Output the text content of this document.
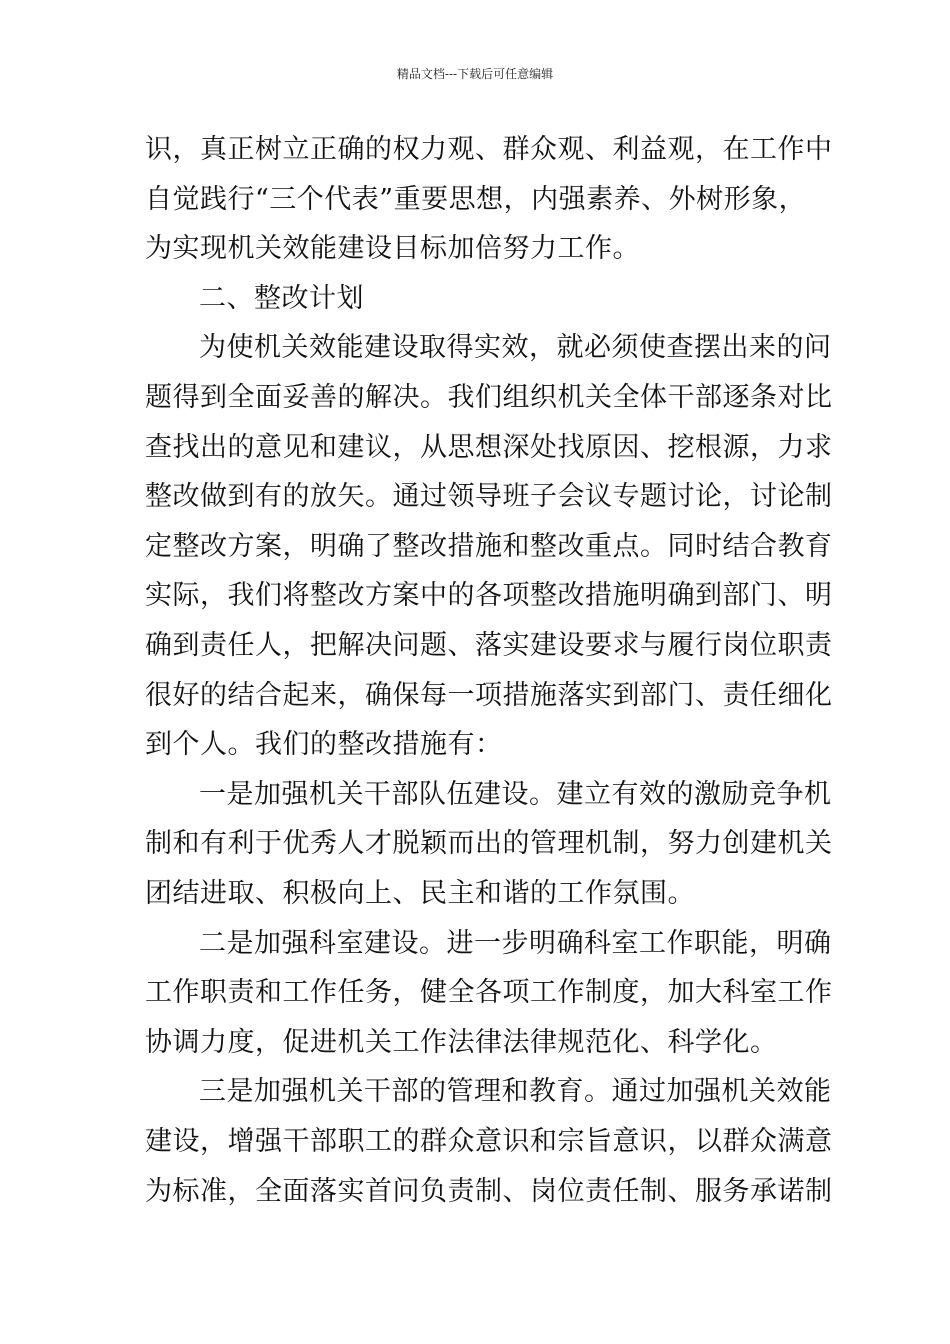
精品文档---下载后可任意编辑
识，真正树立正确的权力观、群众观、利益观，在工作中
自觉践行“三个代表”重要思想，内强素养、外树形象，
为实现机关效能建设目标加倍努力工作。
二、整改计划
为使机关效能建设取得实效，就必须使查摆出来的问
题得到全面妥善的解决。我们组织机关全体干部逐条对比
查找出的意见和建议，从思想深处找原因、挖根源，力求
整改做到有的放矢。通过领导班子会议专题讨论，讨论制
定整改方案，明确了整改措施和整改重点。同时结合教育
实际，我们将整改方案中的各项整改措施明确到部门、明
确到责任人，把解决问题、落实建设要求与履行岗位职责
很好的结合起来，确保每一项措施落实到部门、责任细化
到个人。我们的整改措施有：
一是加强机关干部队伍建设。建立有效的激励竞争机
制和有利于优秀人才脱颖而出的管理机制，努力创建机关
团结进取、积极向上、民主和谐的工作氛围。
二是加强科室建设。进一步明确科室工作职能，明确
工作职责和工作任务，健全各项工作制度，加大科室工作
协调力度，促进机关工作法律法律规范化、科学化。
三是加强机关干部的管理和教育。通过加强机关效能
建设，增强干部职工的群众意识和宗旨意识，以群众满意
为标准，全面落实首问负责制、岗位责任制、服务承诺制
